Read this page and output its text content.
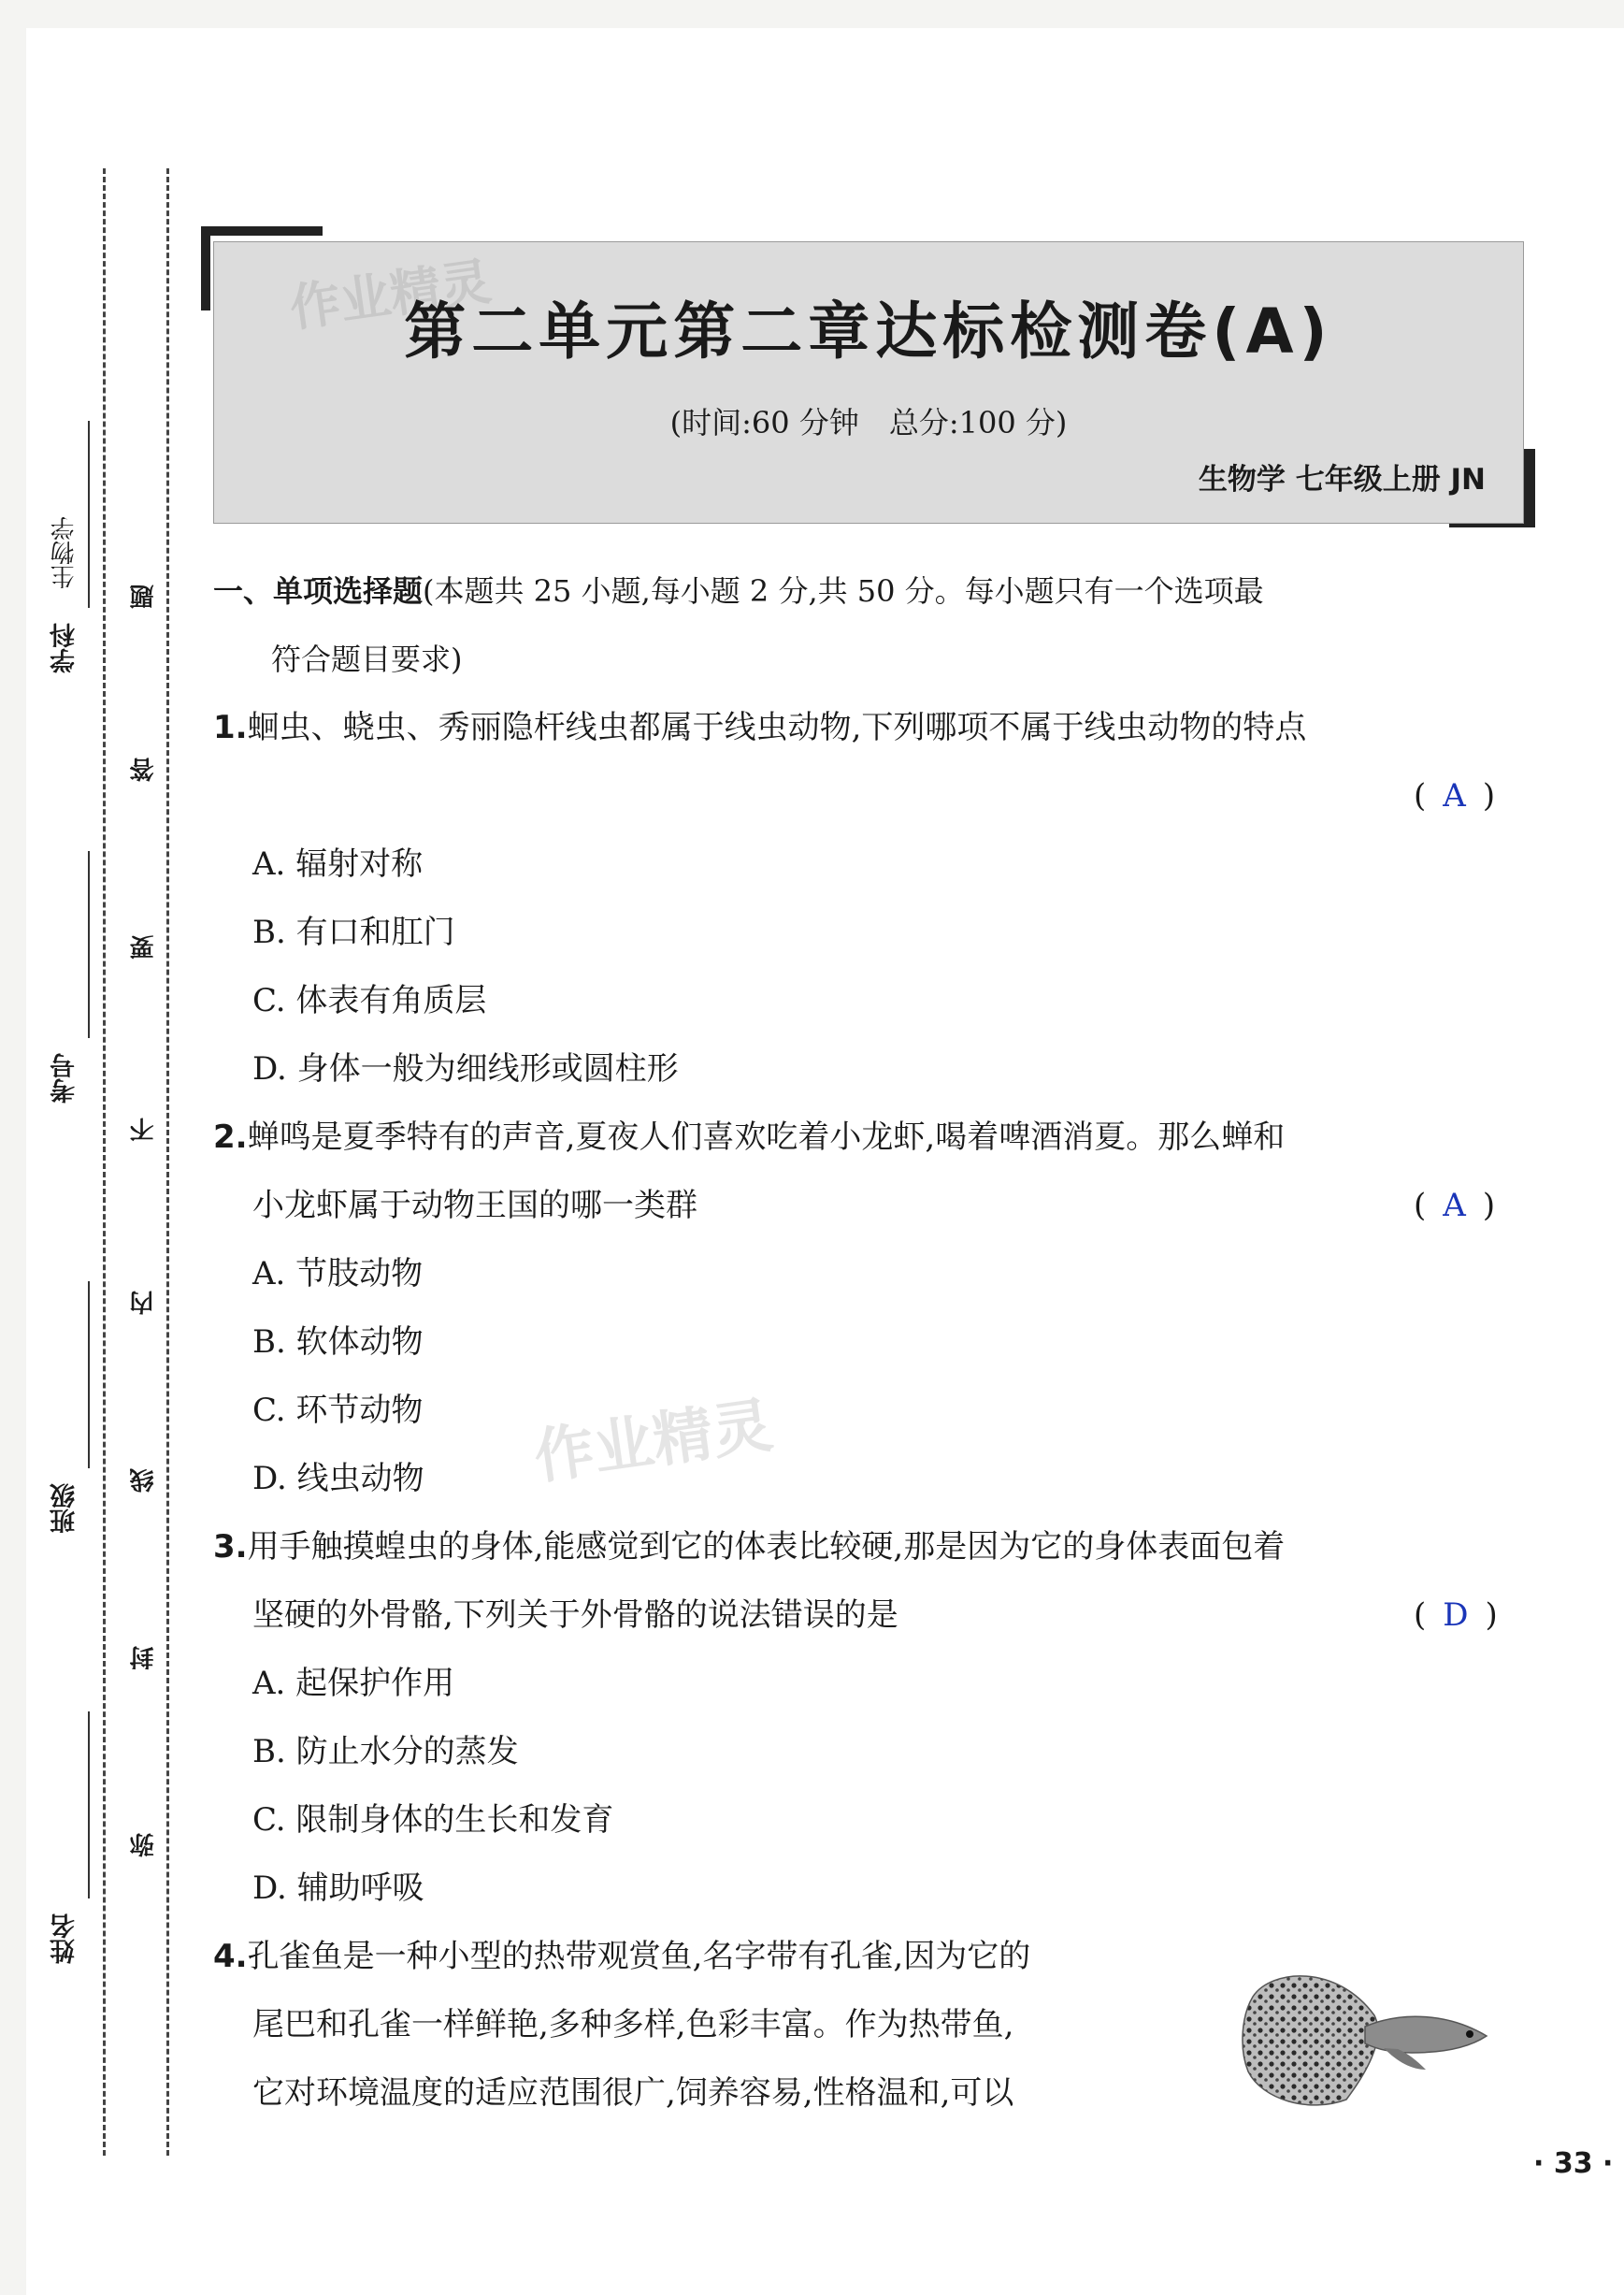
学科
生物学
考号
班级
姓名
题
答
要
不
内
线
封
弥
作业精灵
第二单元第二章达标检测卷(A)
(时间:60 分钟　总分:100 分)
生物学 七年级上册 JN
一、单项选择题(本题共 25 小题,每小题 2 分,共 50 分。每小题只有一个选项最
符合题目要求)
1.蛔虫、蛲虫、秀丽隐杆线虫都属于线虫动物,下列哪项不属于线虫动物的特点
( A )
A. 辐射对称
B. 有口和肛门
C. 体表有角质层
D. 身体一般为细线形或圆柱形
2.蝉鸣是夏季特有的声音,夏夜人们喜欢吃着小龙虾,喝着啤酒消夏。那么蝉和
小龙虾属于动物王国的哪一类群	( A )
A. 节肢动物
B. 软体动物
C. 环节动物
D. 线虫动物 作业精灵
3.用手触摸蝗虫的身体,能感觉到它的体表比较硬,那是因为它的身体表面包着
坚硬的外骨骼,下列关于外骨骼的说法错误的是	( D )
A. 起保护作用
B. 防止水分的蒸发
C. 限制身体的生长和发育
D. 辅助呼吸
4.孔雀鱼是一种小型的热带观赏鱼,名字带有孔雀,因为它的
尾巴和孔雀一样鲜艳,多种多样,色彩丰富。作为热带鱼,
它对环境温度的适应范围很广,饲养容易,性格温和,可以
· 33 ·
